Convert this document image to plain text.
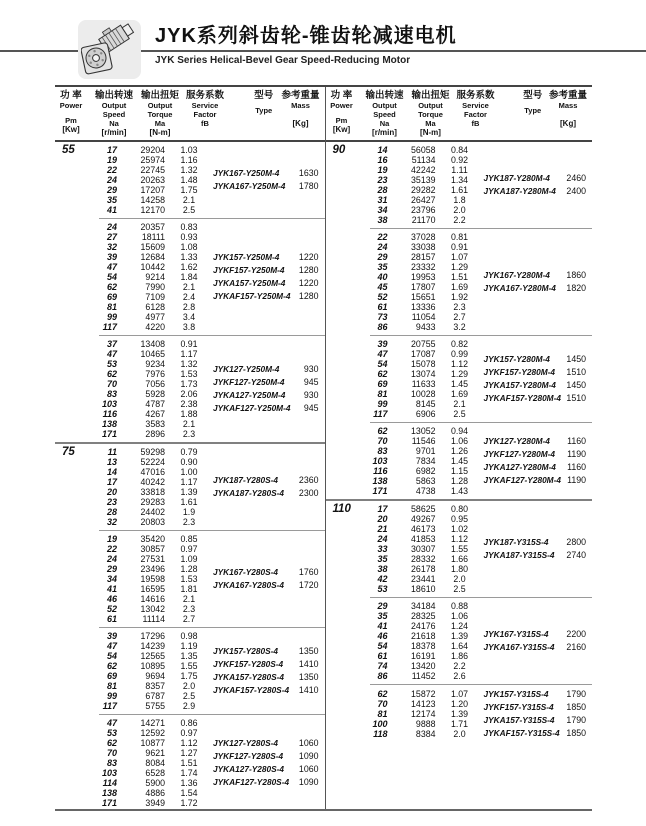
JYK系列斜齿轮-锥齿轮减速电机
JYK Series Helical-Bevel Gear Speed-Reducing Motor
功 率
Power
Pm
[Kw]
输出转速
Output Speed
Na
[r/min]
输出扭矩
Output Torque
Ma
[N-m]
服务系数
Service Factor
fB
型号
Type
参考重量
Mass
[Kg]
55	17	29204	1.03
19	25974	1.16
22	22745	1.32
24	20263	1.48
29	17207	1.75
35	14258	2.1
41	12170	2.5
JYK167-Y250M-4	1630
JYKA167-Y250M-4	1780
24	20357	0.83
27	18111	0.93
32	15609	1.08
39	12684	1.33
47	10442	1.62
54	9214	1.84
62	7990	2.1
69	7109	2.4
81	6128	2.8
99	4977	3.4
117	4220	3.8
JYK157-Y250M-4	1220
JYKF157-Y250M-4	1280
JYKA157-Y250M-4	1220
JYKAF157-Y250M-4 1280
37	13408	0.91
47	10465	1.17
53	9234	1.32
62	7976	1.53
70	7056	1.73
83	5928	2.06
103	4787	2.38
116	4267	1.88
138	3583	2.1
171	2896	2.3
JYK127-Y250M-4	930
JYKF127-Y250M-4	945
JYKA127-Y250M-4	930
JYKAF127-Y250M-4	945
75	11	59298	0.79
13	52224	0.90
14	47016	1.00
17	40242	1.17
20	33818	1.39
23	29283	1.61
28	24402	1.9
32	20803	2.3
JYK187-Y280S-4	2360
JYKA187-Y280S-4	2300
19	35420	0.85
22	30857	0.97
24	27531	1.09
29	23496	1.28
34	19598	1.53
41	16595	1.81
46	14616	2.1
52	13042	2.3
61	11114	2.7
JYK167-Y280S-4	1760
JYKA167-Y280S-4	1720
39	17296	0.98
47	14239	1.19
54	12565	1.35
62	10895	1.55
69	9694	1.75
81	8357	2.0
99	6787	2.5
117	5755	2.9
JYK157-Y280S-4	1350
JYKF157-Y280S-4	1410
JYKA157-Y280S-4	1350
JYKAF157-Y280S-4	1410
47	14271	0.86
53	12592	0.97
62	10877	1.12
70	9621	1.27
83	8084	1.51
103	6528	1.74
114	5900	1.36
138	4886	1.54
171	3949	1.72
JYK127-Y280S-4	1060
JYKF127-Y280S-4	1090
JYKA127-Y280S-4	1060
JYKAF127-Y280S-4	1090
功 率
Power
Pm
[Kw]
输出转速
Output Speed
Na
[r/min]
输出扭矩
Output Torque
Ma
[N-m]
服务系数
Service Factor
fB
型号
Type
参考重量
Mass
[Kg]
90	14	56058	0.84
16	51134	0.92
19	42242	1.11
23	35139	1.34
28	29282	1.61
31	26427	1.8
34	23796	2.0
38	21170	2.2
JYK187-Y280M-4	2460
JYKA187-Y280M-4	2400
22	37028	0.81
24	33038	0.91
29	28157	1.07
35	23332	1.29
40	19953	1.51
45	17807	1.69
52	15651	1.92
61	13336	2.3
73	11054	2.7
86	9433	3.2
JYK167-Y280M-4	1860
JYKA167-Y280M-4	1820
39	20755	0.82
47	17087	0.99
54	15078	1.12
62	13074	1.29
69	11633	1.45
81	10028	1.69
99	8145	2.1
117	6906	2.5
JYK157-Y280M-4	1450
JYKF157-Y280M-4	1510
JYKA157-Y280M-4	1450
JYKAF157-Y280M-4 1510
62	13052	0.94
70	11546	1.06
83	9701	1.26
103	7834	1.45
116	6982	1.15
138	5863	1.28
171	4738	1.43
JYK127-Y280M-4	1160
JYKF127-Y280M-4	1190
JYKA127-Y280M-4	1160
JYKAF127-Y280M-4 1190
110	17	58625	0.80
20	49267	0.95
21	46173	1.02
24	41853	1.12
33	30307	1.55
35	28332	1.66
38	26178	1.80
42	23441	2.0
53	18610	2.5
JYK187-Y315S-4	2800
JYKA187-Y315S-4	2740
29	34184	0.88
35	28325	1.06
41	24176	1.24
46	21618	1.39
54	18378	1.64
61	16191	1.86
74	13420	2.2
86	11452	2.6
JYK167-Y315S-4	2200
JYKA167-Y315S-4	2160
62	15872	1.07
70	14123	1.20
81	12174	1.39
100	9888	1.71
118	8384	2.0
JYK157-Y315S-4	1790
JYKF157-Y315S-4	1850
JYKA157-Y315S-4	1790
JYKAF157-Y315S-4 1850
